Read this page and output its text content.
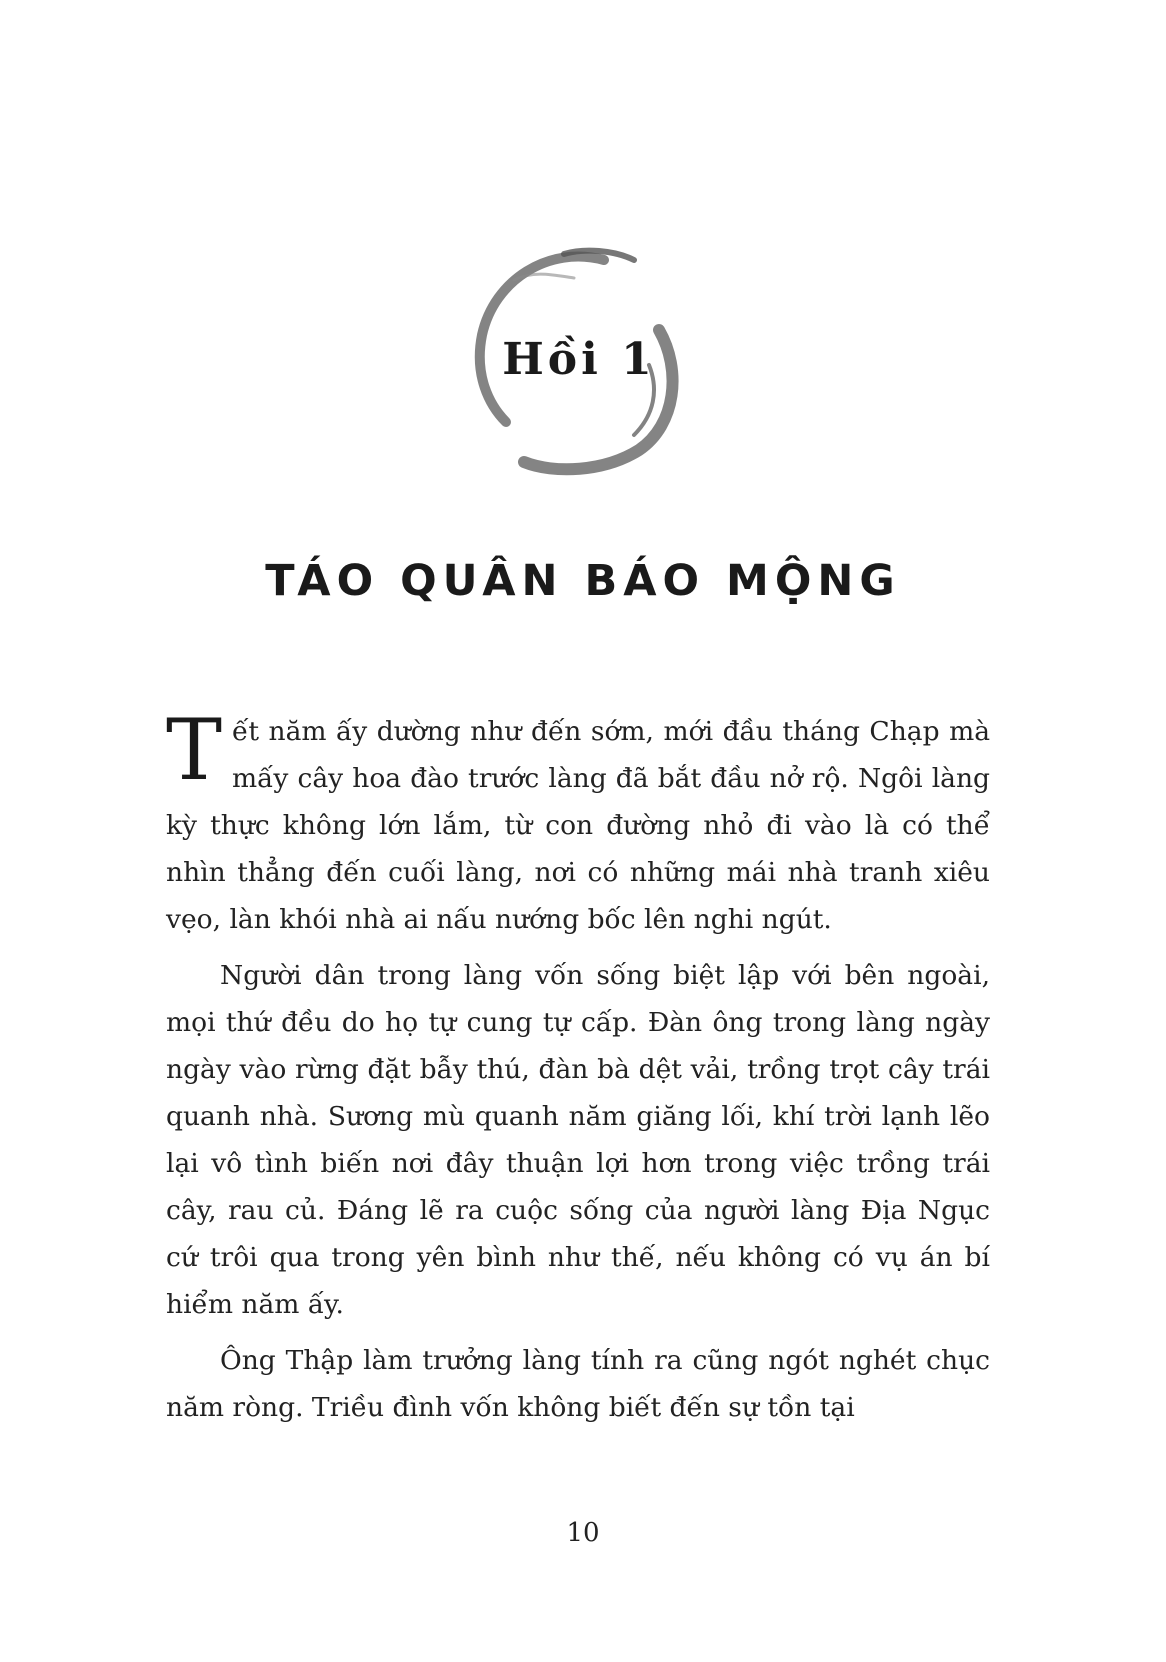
Hồi 1
TÁO QUÂN BÁO MỘNG

Tết năm ấy dường như đến sớm, mới đầu tháng Chạp mà mấy cây hoa đào trước làng đã bắt đầu nở rộ. Ngôi làng kỳ thực không lớn lắm, từ con đường nhỏ đi vào là có thể nhìn thẳng đến cuối làng, nơi có những mái nhà tranh xiêu vẹo, làn khói nhà ai nấu nướng bốc lên nghi ngút.

Người dân trong làng vốn sống biệt lập với bên ngoài, mọi thứ đều do họ tự cung tự cấp. Đàn ông trong làng ngày ngày vào rừng đặt bẫy thú, đàn bà dệt vải, trồng trọt cây trái quanh nhà. Sương mù quanh năm giăng lối, khí trời lạnh lẽo lại vô tình biến nơi đây thuận lợi hơn trong việc trồng trái cây, rau củ. Đáng lẽ ra cuộc sống của người làng Địa Ngục cứ trôi qua trong yên bình như thế, nếu không có vụ án bí hiểm năm ấy.

Ông Thập làm trưởng làng tính ra cũng ngót nghét chục năm ròng. Triều đình vốn không biết đến sự tồn tại

10
